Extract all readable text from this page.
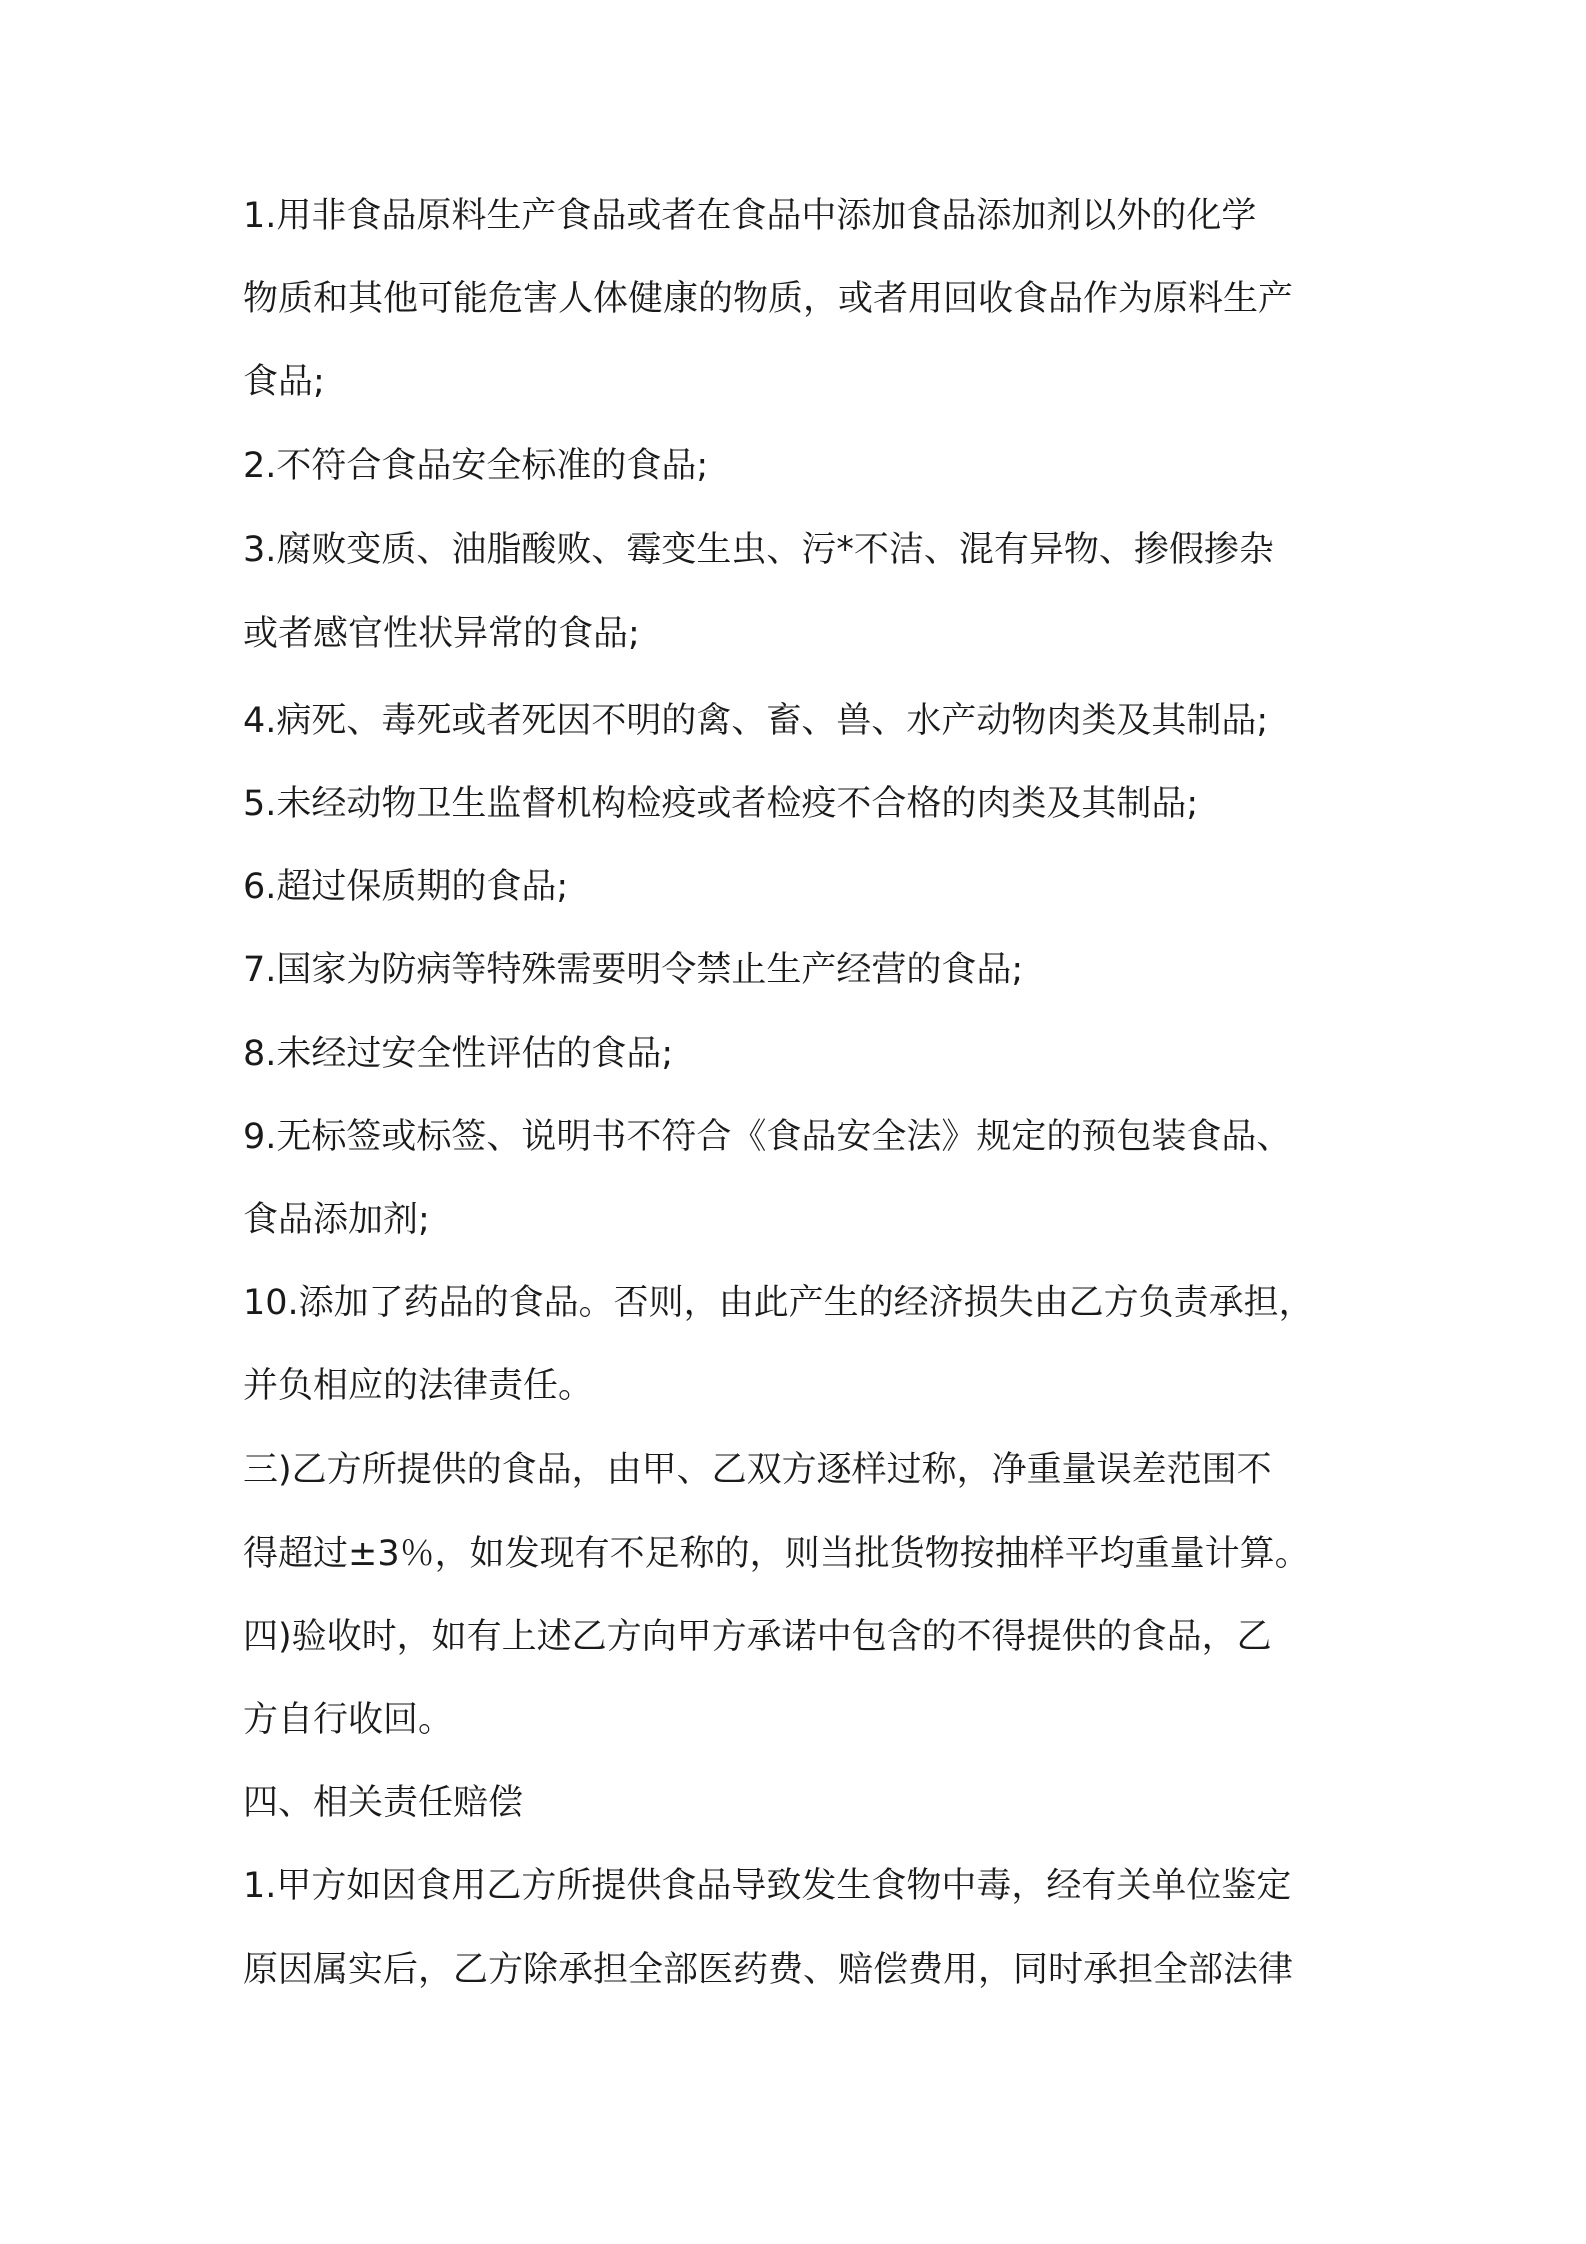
1.用非食品原料生产食品或者在食品中添加食品添加剂以外的化学
物质和其他可能危害人体健康的物质，或者用回收食品作为原料生产
食品;
2.不符合食品安全标准的食品;
3.腐败变质、油脂酸败、霉变生虫、污*不洁、混有异物、掺假掺杂
或者感官性状异常的食品;
4.病死、毒死或者死因不明的禽、畜、兽、水产动物肉类及其制品;
5.未经动物卫生监督机构检疫或者检疫不合格的肉类及其制品;
6.超过保质期的食品;
7.国家为防病等特殊需要明令禁止生产经营的食品;
8.未经过安全性评估的食品;
9.无标签或标签、说明书不符合《食品安全法》规定的预包装食品、
食品添加剂;
10.添加了药品的食品。否则，由此产生的经济损失由乙方负责承担，
并负相应的法律责任。
三)乙方所提供的食品，由甲、乙双方逐样过称，净重量误差范围不
得超过±3％，如发现有不足称的，则当批货物按抽样平均重量计算。
四)验收时，如有上述乙方向甲方承诺中包含的不得提供的食品，乙
方自行收回。
四、相关责任赔偿
1.甲方如因食用乙方所提供食品导致发生食物中毒，经有关单位鉴定
原因属实后，乙方除承担全部医药费、赔偿费用，同时承担全部法律
